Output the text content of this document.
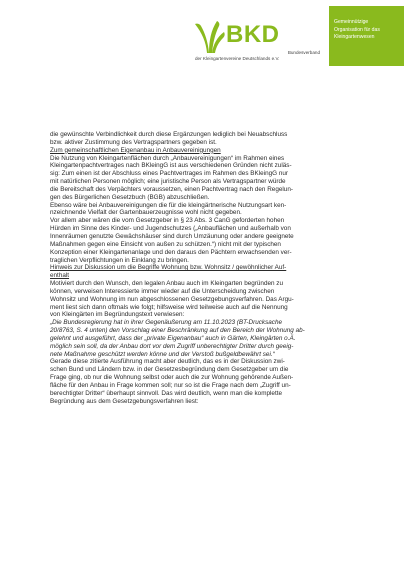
BKD
Bundesverband
der Kleingartenvereine Deutschlands e.V.
Gemeinnützige
Organisation für das
Kleingartenwesen

die gewünschte Verbindlichkeit durch diese Ergänzungen lediglich bei Neuabschluss
bzw. aktiver Zustimmung des Vertragspartners gegeben ist.

Zum gemeinschaftlichen Eigenanbau in Anbauvereinigungen

Die Nutzung von Kleingartenflächen durch „Anbauvereinigungen“ im Rahmen eines
Kleingartenpachtvertrages nach BKleingG ist aus verschiedenen Gründen nicht zuläs-
sig: Zum einen ist der Abschluss eines Pachtvertrages im Rahmen des BKleingG nur
mit natürlichen Personen möglich; eine juristische Person als Vertragspartner würde
die Bereitschaft des Verpächters voraussetzen, einen Pachtvertrag nach den Regelun-
gen des Bürgerlichen Gesetzbuch (BGB) abzuschließen.
Ebenso wäre bei Anbauvereinigungen die für die kleingärtnerische Nutzungsart ken-
nzeichnende Vielfalt der Gartenbauerzeugnisse wohl nicht gegeben.
Vor allem aber wären die vom Gesetzgeber in § 23 Abs. 3 CanG geforderten hohen
Hürden im Sinne des Kinder- und Jugendschutzes („Anbauflächen und außerhalb von
Innenräumen genutzte Gewächshäuser sind durch Umzäunung oder andere geeignete
Maßnahmen gegen eine Einsicht von außen zu schützen.“) nicht mit der typischen
Konzeption einer Kleingartenanlage und den daraus den Pächtern erwachsenden ver-
traglichen Verpflichtungen in Einklang zu bringen.

Hinweis zur Diskussion um die Begriffe Wohnung bzw. Wohnsitz / gewöhnlicher Auf-
enthalt

Motiviert durch den Wunsch, den legalen Anbau auch im Kleingarten begründen zu
können, verweisen Interessierte immer wieder auf die Unterscheidung zwischen
Wohnsitz und Wohnung im nun abgeschlossenen Gesetzgebungsverfahren. Das Argu-
ment liest sich dann oftmals wie folgt; hilfsweise wird teilweise auch auf die Nennung
von Kleingärten im Begründungstext verwiesen:

„Die Bundesregierung hat in ihrer Gegenäußerung am 11.10.2023 (BT-Drucksache
20/8763, S. 4 unten) den Vorschlag einer Beschränkung auf den Bereich der Wohnung ab-
gelehnt und ausgeführt, dass der „private Eigenanbau“ auch in Gärten, Kleingärten o.Ä.
möglich sein soll, da der Anbau dort vor dem Zugriff unberechtigter Dritter durch geeig-
nete Maßnahme geschützt werden könne und der Verstoß bußgeldbewährt sei.“

Gerade diese zitierte Ausführung macht aber deutlich, das es in der Diskussion zwi-
schen Bund und Ländern bzw. in der Gesetzesbegründung dem Gesetzgeber um die
Frage ging, ob nur die Wohnung selbst oder auch die zur Wohnung gehörende Außen-
fläche für den Anbau in Frage kommen soll; nur so ist die Frage nach dem „Zugriff un-
berechtigter Dritter“ überhaupt sinnvoll. Das wird deutlich, wenn man die komplette
Begründung aus dem Gesetzgebungsverfahren liest:
